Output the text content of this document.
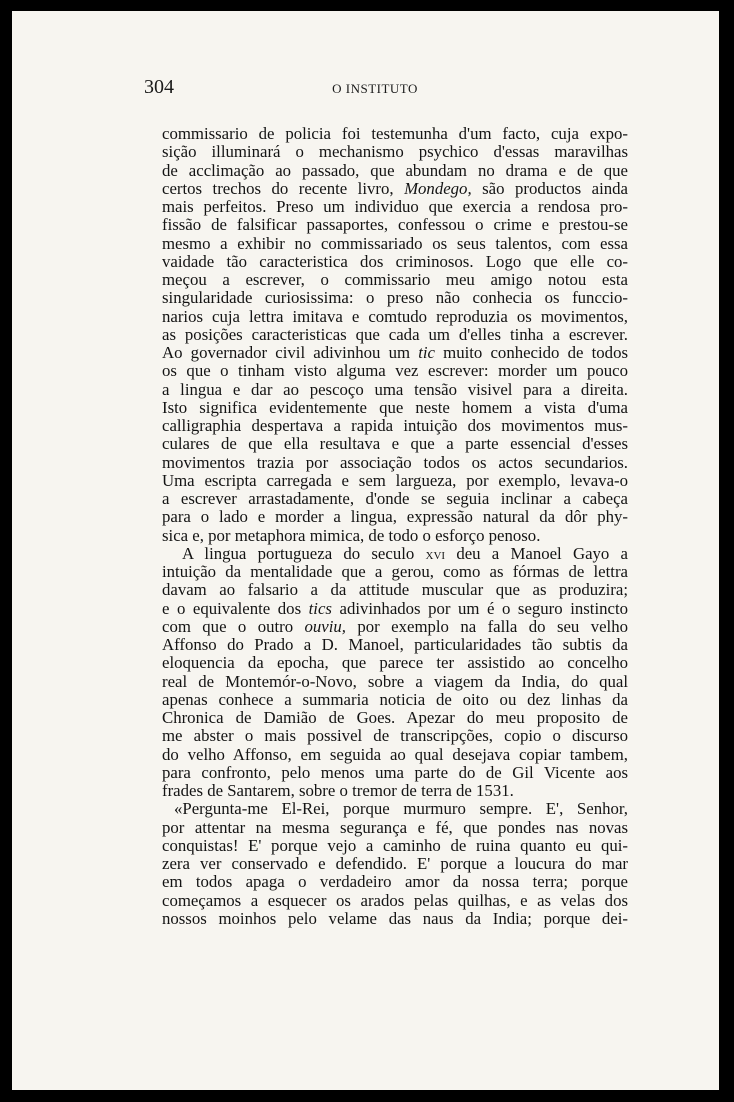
304	O INSTITUTO
commissario de policia foi testemunha d'um facto, cuja expo-
sição illuminará o mechanismo psychico d'essas maravilhas
de acclimação ao passado, que abundam no drama e de que
certos trechos do recente livro, Mondego, são productos ainda
mais perfeitos. Preso um individuo que exercia a rendosa pro-
fissão de falsificar passaportes, confessou o crime e prestou-se
mesmo a exhibir no commissariado os seus talentos, com essa
vaidade tão caracteristica dos criminosos. Logo que elle co-
meçou a escrever, o commissario meu amigo notou esta
singularidade curiosissima: o preso não conhecia os funccio-
narios cuja lettra imitava e comtudo reproduzia os movimentos,
as posições caracteristicas que cada um d'elles tinha a escrever.
Ao governador civil adivinhou um tic muito conhecido de todos
os que o tinham visto alguma vez escrever: morder um pouco
a lingua e dar ao pescoço uma tensão visivel para a direita.
Isto significa evidentemente que neste homem a vista d'uma
calligraphia despertava a rapida intuição dos movimentos mus-
culares de que ella resultava e que a parte essencial d'esses
movimentos trazia por associação todos os actos secundarios.
Uma escripta carregada e sem largueza, por exemplo, levava-o
a escrever arrastadamente, d'onde se seguia inclinar a cabeça
para o lado e morder a lingua, expressão natural da dôr phy-
sica e, por metaphora mimica, de todo o esforço penoso.
A lingua portugueza do seculo xvi deu a Manoel Gayo a
intuição da mentalidade que a gerou, como as fórmas de lettra
davam ao falsario a da attitude muscular que as produzira;
e o equivalente dos tics adivinhados por um é o seguro instincto
com que o outro ouviu, por exemplo na falla do seu velho
Affonso do Prado a D. Manoel, particularidades tão subtis da
eloquencia da epocha, que parece ter assistido ao concelho
real de Montemór-o-Novo, sobre a viagem da India, do qual
apenas conhece a summaria noticia de oito ou dez linhas da
Chronica de Damião de Goes. Apezar do meu proposito de
me abster o mais possivel de transcripções, copio o discurso
do velho Affonso, em seguida ao qual desejava copiar tambem,
para confronto, pelo menos uma parte do de Gil Vicente aos
frades de Santarem, sobre o tremor de terra de 1531.
«Pergunta-me El-Rei, porque murmuro sempre. E', Senhor,
por attentar na mesma segurança e fé, que pondes nas novas
conquistas! E' porque vejo a caminho de ruina quanto eu qui-
zera ver conservado e defendido. E' porque a loucura do mar
em todos apaga o verdadeiro amor da nossa terra; porque
começamos a esquecer os arados pelas quilhas, e as velas dos
nossos moinhos pelo velame das naus da India; porque dei-
